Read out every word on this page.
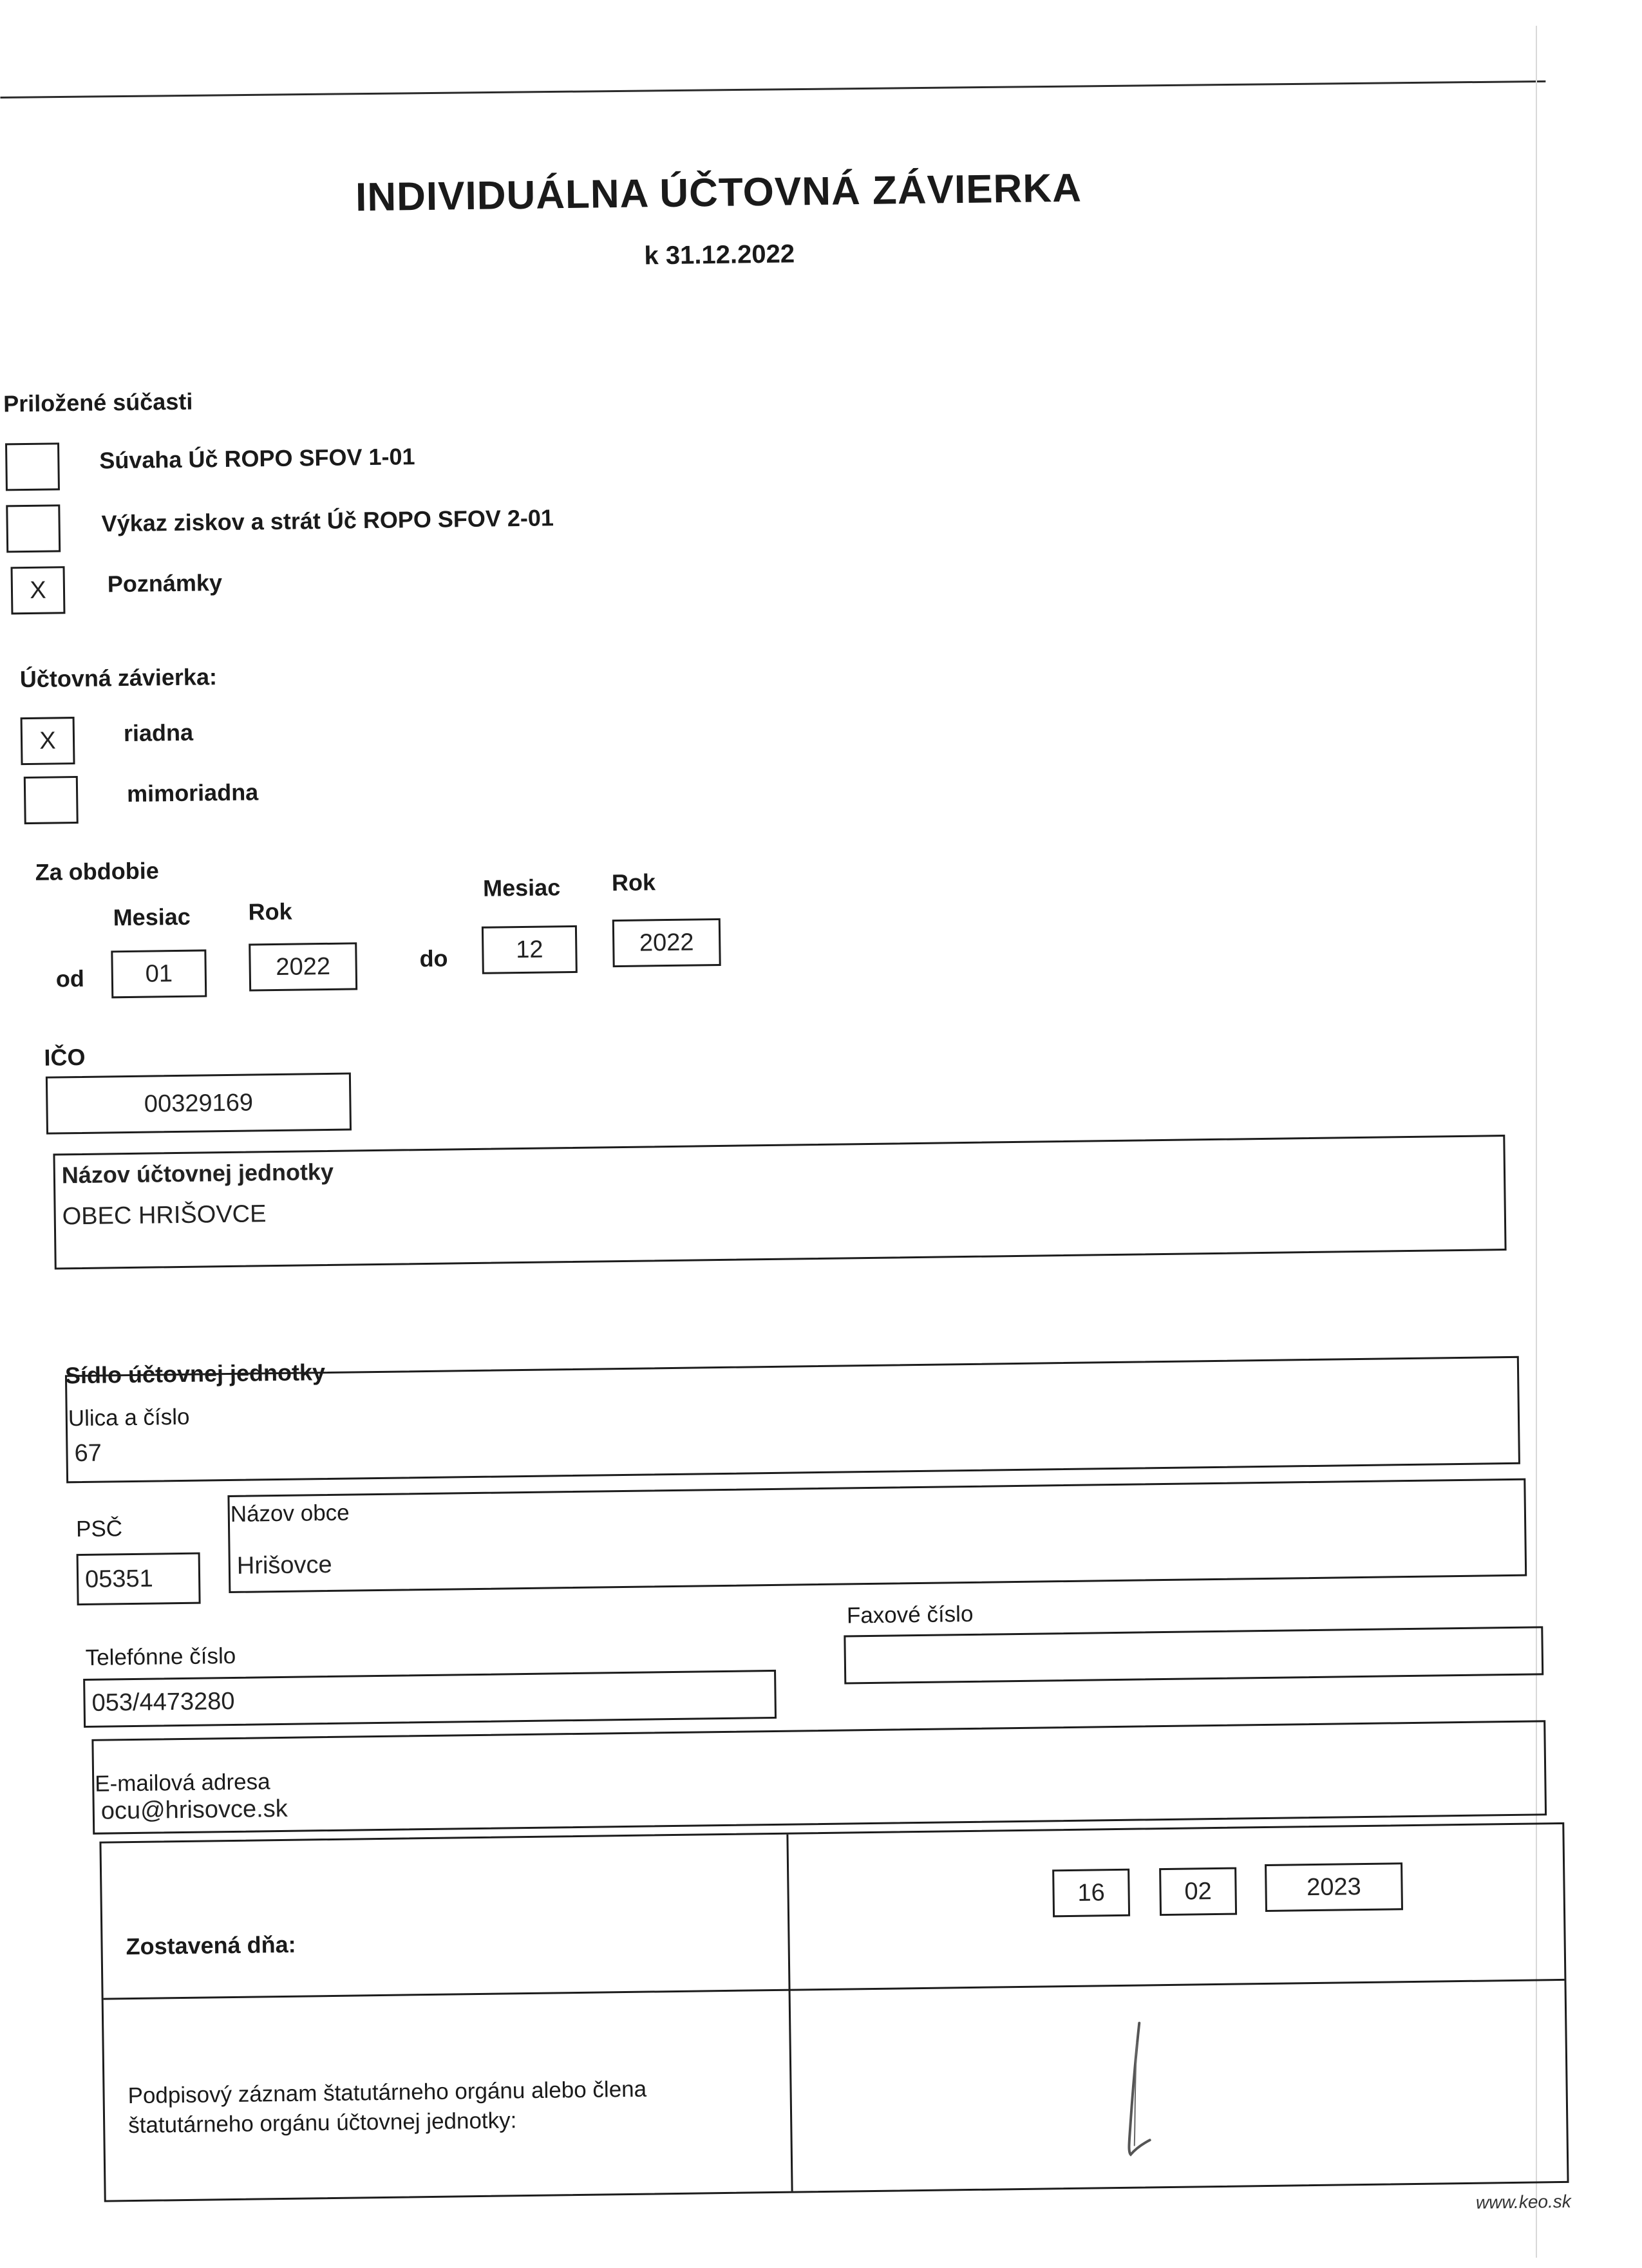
INDIVIDUÁLNA ÚČTOVNÁ ZÁVIERKA
k 31.12.2022
Priložené súčasti
Súvaha Úč ROPO SFOV 1-01
Výkaz ziskov a strát Úč ROPO SFOV 2-01
X	Poznámky
Účtovná závierka:
X	riadna
mimoriadna
Za obdobie
Mesiac Rok
Mesiac Rok
od	01	2022	do	12	2022
IČO
00329169
Názov účtovnej jednotky
OBEC HRIŠOVCE
Sídlo účtovnej jednotky
Ulica a číslo
67
PSČ
05351
Názov obce
Hrišovce
Telefónne číslo
053/4473280
Faxové číslo
E-mailová adresa
ocu@hrisovce.sk
Zostavená dňa:
16	02	2023
Podpisový záznam štatutárneho orgánu alebo člena štatutárneho orgánu účtovnej jednotky:
www.keo.sk
